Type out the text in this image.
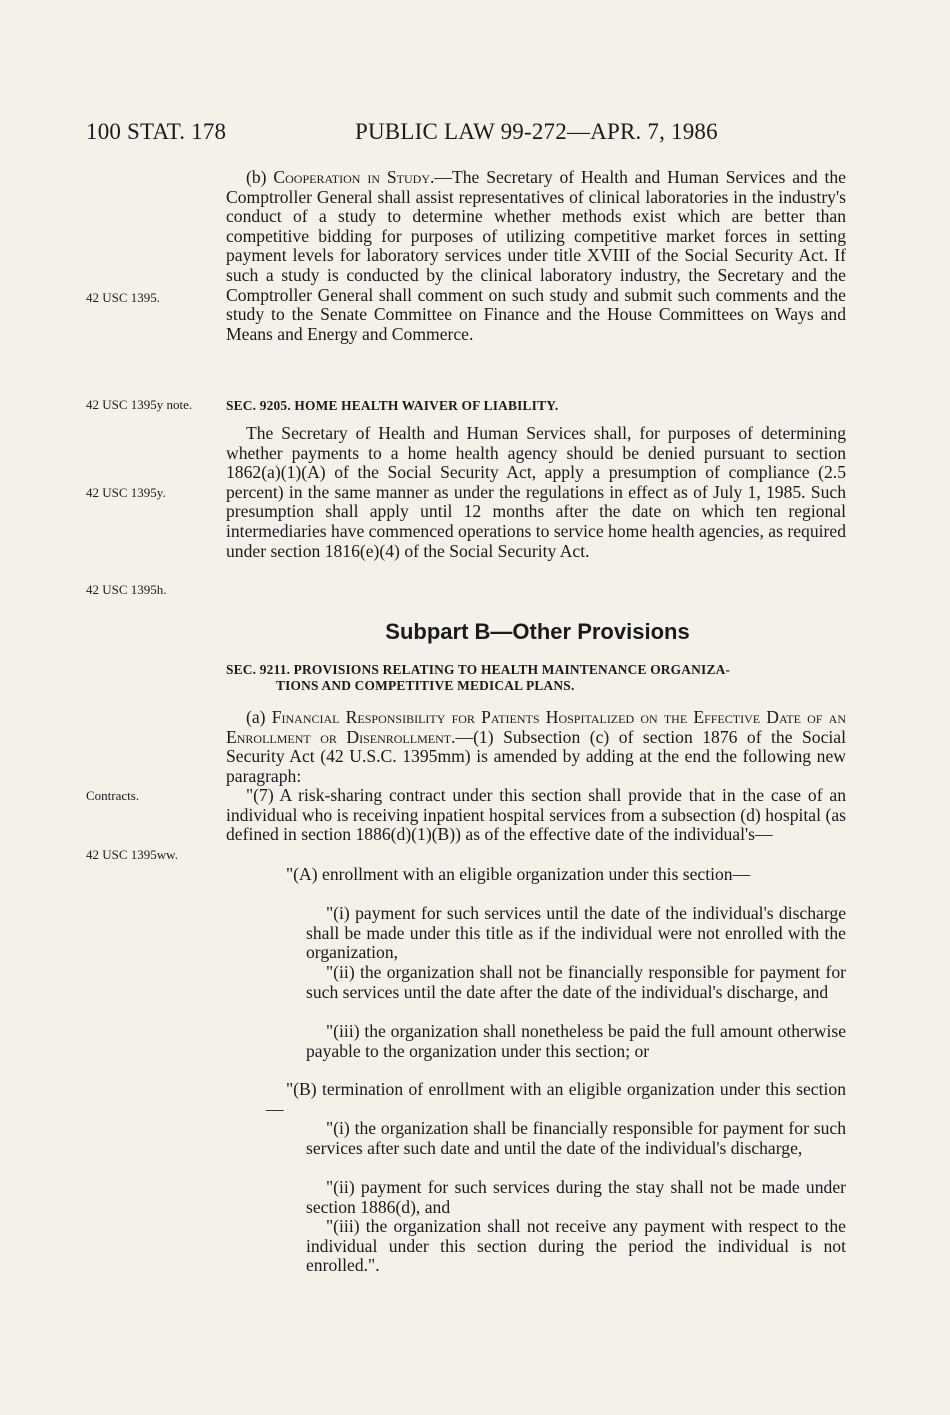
100 STAT. 178	PUBLIC LAW 99-272—APR. 7, 1986

(b) Cooperation in Study.—The Secretary of Health and Human Services and the Comptroller General shall assist representatives of clinical laboratories in the industry's conduct of a study to determine whether methods exist which are better than competitive bidding for purposes of utilizing competitive market forces in setting payment levels for laboratory services under title XVIII of the Social Security Act. If such a study is conducted by the clinical laboratory industry, the Secretary and the Comptroller General shall comment on such study and submit such comments and the study to the Senate Committee on Finance and the House Committees on Ways and Means and Energy and Commerce.

42 USC 1395.
SEC. 9205. HOME HEALTH WAIVER OF LIABILITY.
42 USC 1395y note.

The Secretary of Health and Human Services shall, for purposes of determining whether payments to a home health agency should be denied pursuant to section 1862(a)(1)(A) of the Social Security Act, apply a presumption of compliance (2.5 percent) in the same manner as under the regulations in effect as of July 1, 1985. Such presumption shall apply until 12 months after the date on which ten regional intermediaries have commenced operations to service home health agencies, as required under section 1816(e)(4) of the Social Security Act.

42 USC 1395y.
42 USC 1395h.
Subpart B—Other Provisions
SEC. 9211. PROVISIONS RELATING TO HEALTH MAINTENANCE ORGANIZA-
TIONS AND COMPETITIVE MEDICAL PLANS.

(a) Financial Responsibility for Patients Hospitalized on the Effective Date of an Enrollment or Disenrollment.—(1) Subsection (c) of section 1876 of the Social Security Act (42 U.S.C. 1395mm) is amended by adding at the end the following new paragraph:

Contracts.
42 USC 1395ww.

"(7) A risk-sharing contract under this section shall provide that in the case of an individual who is receiving inpatient hospital services from a subsection (d) hospital (as defined in section 1886(d)(1)(B)) as of the effective date of the individual's—

"(A) enrollment with an eligible organization under this section—

"(i) payment for such services until the date of the individual's discharge shall be made under this title as if the individual were not enrolled with the organization,

"(ii) the organization shall not be financially responsible for payment for such services until the date after the date of the individual's discharge, and

"(iii) the organization shall nonetheless be paid the full amount otherwise payable to the organization under this section; or

"(B) termination of enrollment with an eligible organization under this section—

"(i) the organization shall be financially responsible for payment for such services after such date and until the date of the individual's discharge,

"(ii) payment for such services during the stay shall not be made under section 1886(d), and

"(iii) the organization shall not receive any payment with respect to the individual under this section during the period the individual is not enrolled.".
